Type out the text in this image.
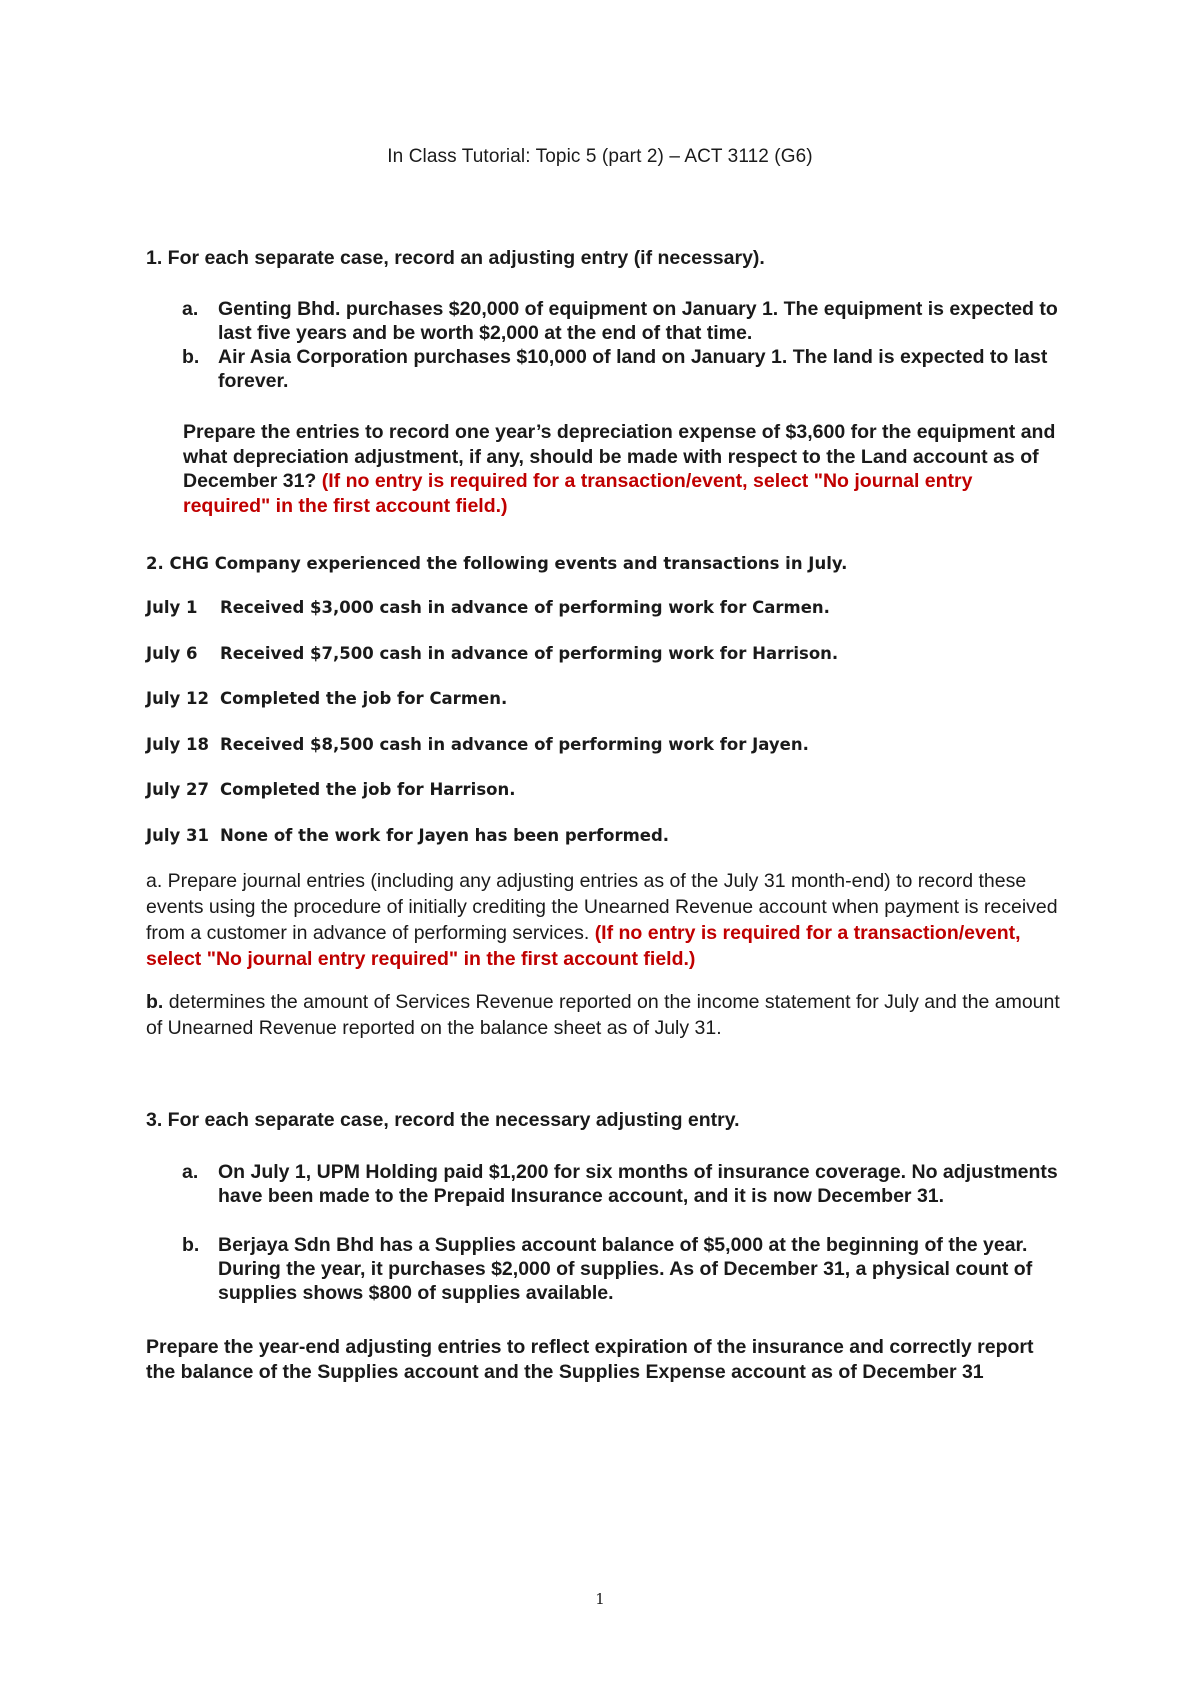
In Class Tutorial: Topic 5 (part 2) – ACT 3112 (G6)
1. For each separate case, record an adjusting entry (if necessary).
a. Genting Bhd. purchases $20,000 of equipment on January 1. The equipment is expected to last five years and be worth $2,000 at the end of that time.
b. Air Asia Corporation purchases $10,000 of land on January 1. The land is expected to last forever.
Prepare the entries to record one year’s depreciation expense of $3,600 for the equipment and what depreciation adjustment, if any, should be made with respect to the Land account as of December 31? (If no entry is required for a transaction/event, select "No journal entry required" in the first account field.)
2. CHG Company experienced the following events and transactions in July.
July 1 Received $3,000 cash in advance of performing work for Carmen.
July 6 Received $7,500 cash in advance of performing work for Harrison.
July 12 Completed the job for Carmen.
July 18 Received $8,500 cash in advance of performing work for Jayen.
July 27 Completed the job for Harrison.
July 31 None of the work for Jayen has been performed.
a. Prepare journal entries (including any adjusting entries as of the July 31 month-end) to record these events using the procedure of initially crediting the Unearned Revenue account when payment is received from a customer in advance of performing services. (If no entry is required for a transaction/event, select "No journal entry required" in the first account field.)
b. determines the amount of Services Revenue reported on the income statement for July and the amount of Unearned Revenue reported on the balance sheet as of July 31.
3. For each separate case, record the necessary adjusting entry.
a. On July 1, UPM Holding paid $1,200 for six months of insurance coverage. No adjustments have been made to the Prepaid Insurance account, and it is now December 31.
b. Berjaya Sdn Bhd has a Supplies account balance of $5,000 at the beginning of the year. During the year, it purchases $2,000 of supplies. As of December 31, a physical count of supplies shows $800 of supplies available.
Prepare the year-end adjusting entries to reflect expiration of the insurance and correctly report the balance of the Supplies account and the Supplies Expense account as of December 31
1
